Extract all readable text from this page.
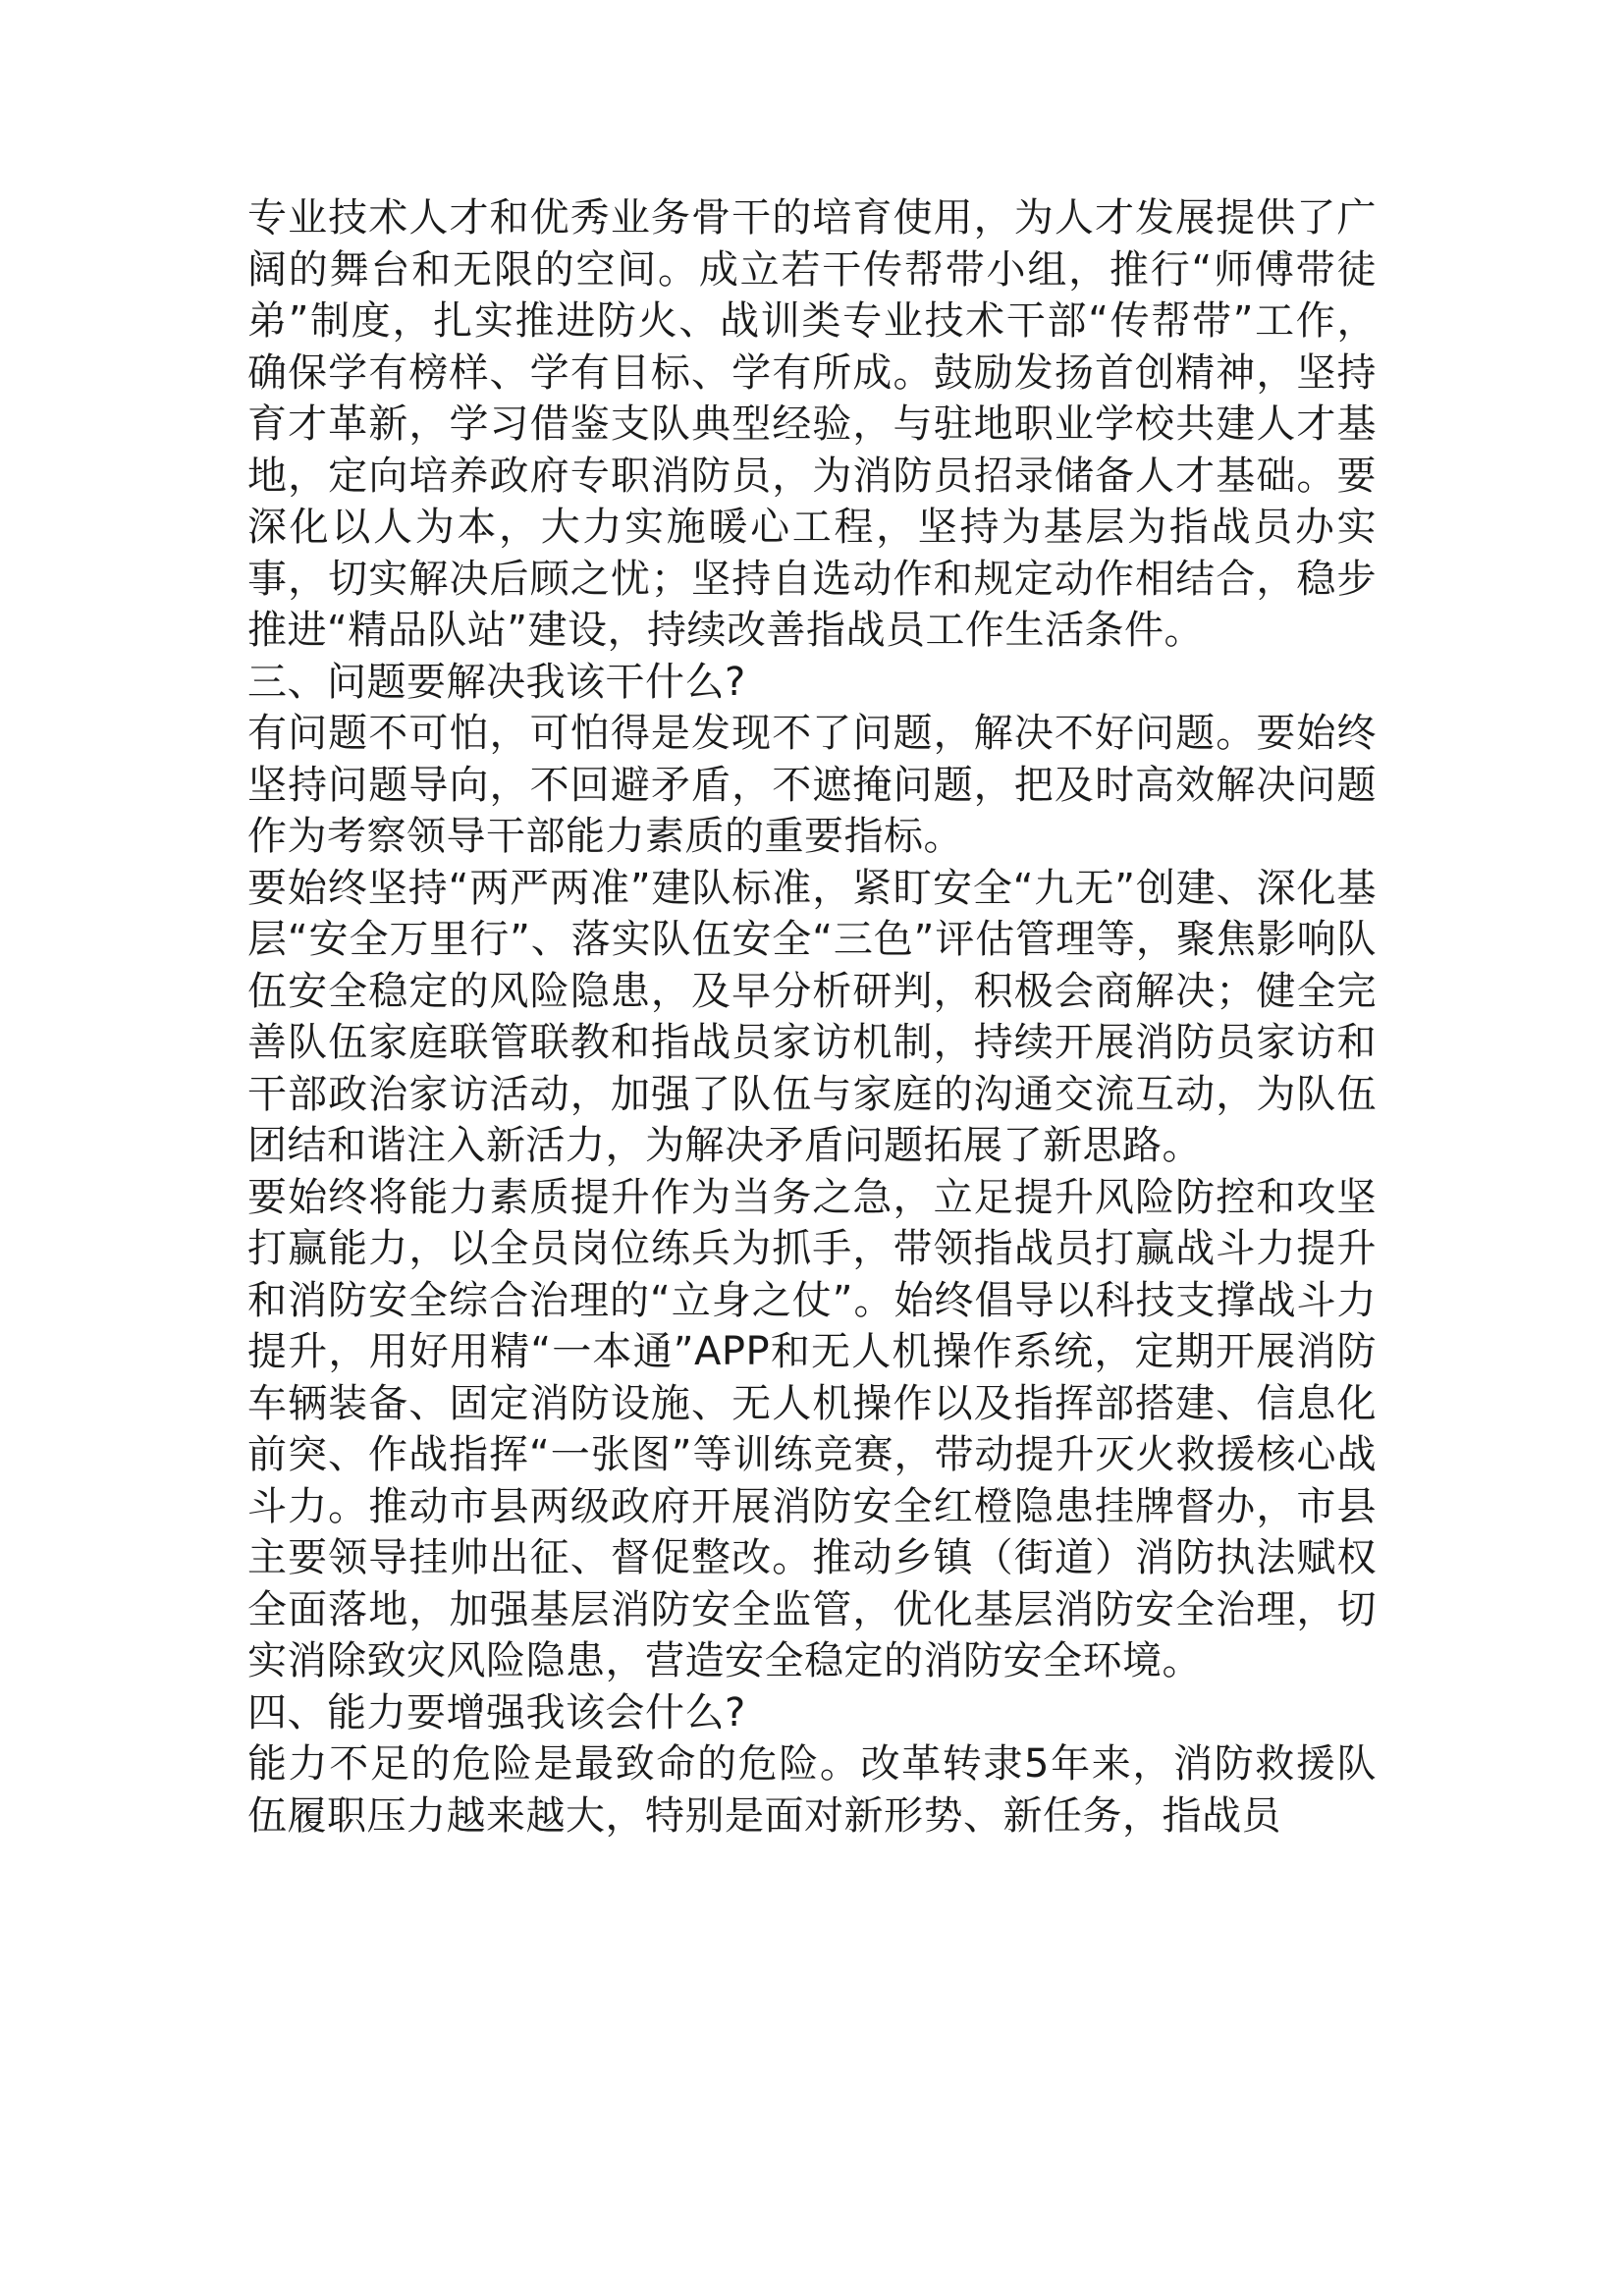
专业技术人才和优秀业务骨干的培育使用，为人才发展提供了广阔的舞台和无限的空间。成立若干传帮带小组，推行“师傅带徒弟”制度，扎实推进防火、战训类专业技术干部“传帮带”工作，确保学有榜样、学有目标、学有所成。鼓励发扬首创精神，坚持育才革新，学习借鉴支队典型经验，与驻地职业学校共建人才基地，定向培养政府专职消防员，为消防员招录储备人才基础。要深化以人为本，大力实施暖心工程，坚持为基层为指战员办实事，切实解决后顾之忧；坚持自选动作和规定动作相结合，稳步推进“精品队站”建设，持续改善指战员工作生活条件。

三、问题要解决我该干什么?

有问题不可怕，可怕得是发现不了问题，解决不好问题。要始终坚持问题导向，不回避矛盾，不遮掩问题，把及时高效解决问题作为考察领导干部能力素质的重要指标。

要始终坚持“两严两准”建队标准，紧盯安全“九无”创建、深化基层“安全万里行”、落实队伍安全“三色”评估管理等，聚焦影响队伍安全稳定的风险隐患，及早分析研判，积极会商解决；健全完善队伍家庭联管联教和指战员家访机制，持续开展消防员家访和干部政治家访活动，加强了队伍与家庭的沟通交流互动，为队伍团结和谐注入新活力，为解决矛盾问题拓展了新思路。

要始终将能力素质提升作为当务之急，立足提升风险防控和攻坚打赢能力，以全员岗位练兵为抓手，带领指战员打赢战斗力提升和消防安全综合治理的“立身之仗”。始终倡导以科技支撑战斗力提升，用好用精“一本通”APP和无人机操作系统，定期开展消防车辆装备、固定消防设施、无人机操作以及指挥部搭建、信息化前突、作战指挥“一张图”等训练竞赛，带动提升灭火救援核心战斗力。推动市县两级政府开展消防安全红橙隐患挂牌督办，市县主要领导挂帅出征、督促整改。推动乡镇（街道）消防执法赋权全面落地，加强基层消防安全监管，优化基层消防安全治理，切实消除致灾风险隐患，营造安全稳定的消防安全环境。

四、能力要增强我该会什么?

能力不足的危险是最致命的危险。改革转隶5年来，消防救援队伍履职压力越来越大，特别是面对新形势、新任务，指战员
